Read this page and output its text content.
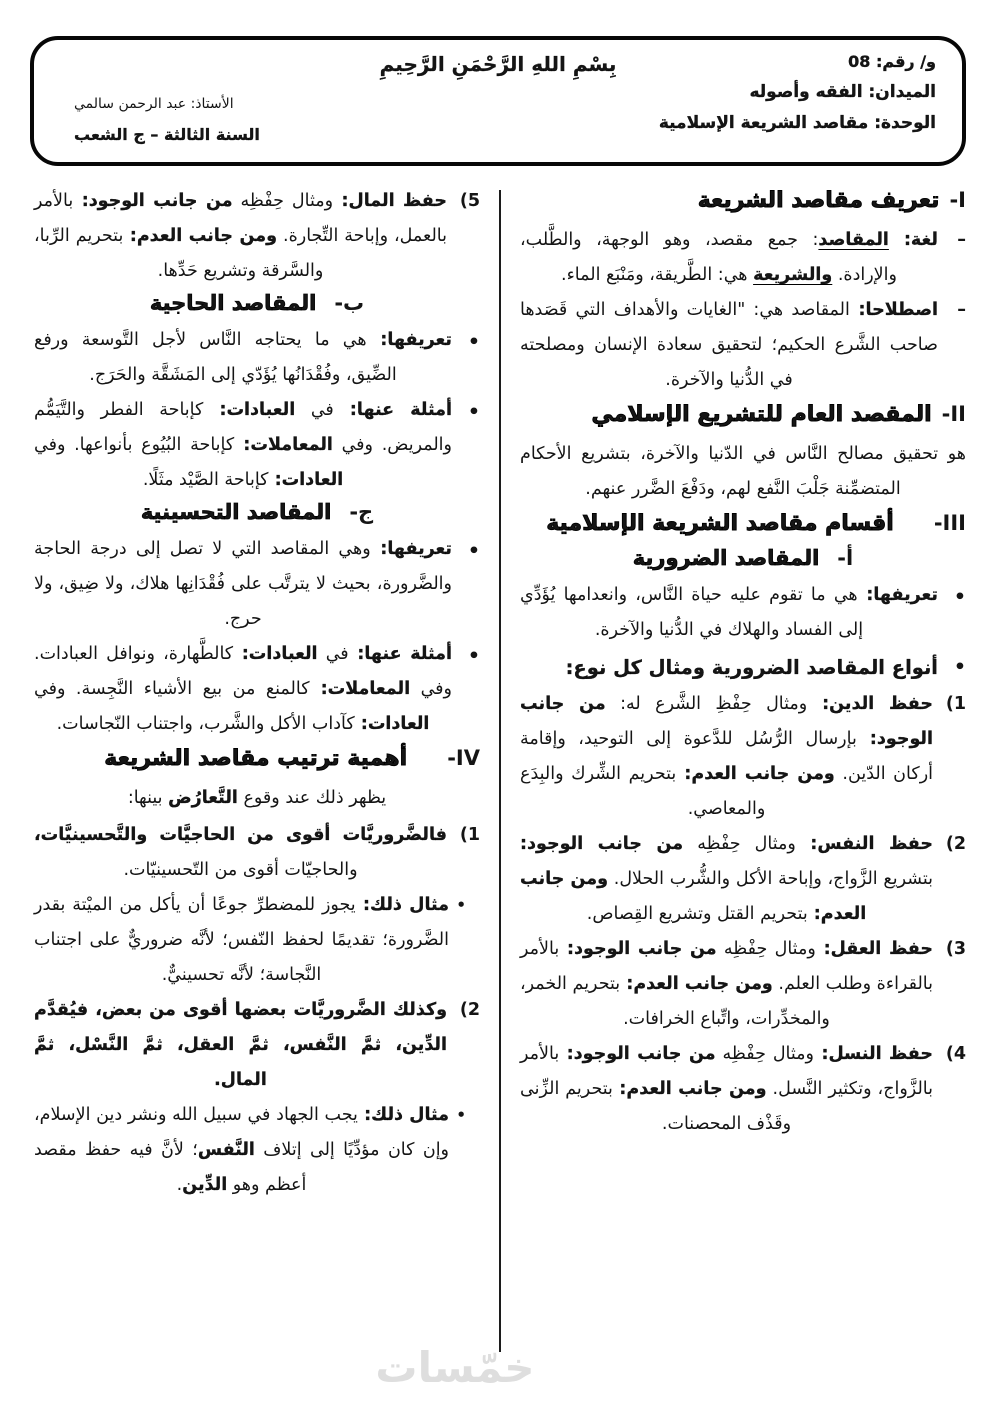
و/ رقم: 08
الميدان: الفقه وأصوله
الوحدة: مقاصد الشريعة الإسلامية
بِسْمِ اللهِ الرَّحْمَنِ الرَّحِيمِ
الأستاذ: عبد الرحمن سالمي
السنة الثالثة – ج الشعب
I-
تعريف مقاصد الشريعة
–
لغة: المقاصد: جمع مقصد، وهو الوجهة، والطَّلب، والإرادة. والشريعة هي: الطَّريقة، ومَنْبَع الماء.
–
اصطلاحا: المقاصد هي: "الغايات والأهداف التي قَصَدها صاحب الشَّرع الحكيم؛ لتحقيق سعادة الإنسان ومصلحته في الدُّنيا والآخرة.
II-
المقصد العام للتشريع الإسلامي
هو تحقيق مصالح النَّاس في الدّنيا والآخرة، بتشريع الأحكام المتضمِّنة جَلْبَ النَّفع لهم، ودَفْعَ الضَّرر عنهم.
III-
أقسام مقاصد الشريعة الإسلامية
أ-المقاصد الضرورية
•
تعريفها: هي ما تقوم عليه حياة النَّاس، وانعدامها يُؤَدِّي إلى الفساد والهلاك في الدُّنيا والآخرة.
•
أنواع المقاصد الضرورية ومثال كل نوع:
1)
حفظ الدين: ومثال حِفْظِ الشَّرع له: من جانب الوجود: بإرسال الرُّسُل للدَّعوة إلى التوحيد، وإقامة أركان الدّين. ومن جانب العدم: بتحريم الشِّرك والبِدَع والمعاصي.
2)
حفظ النفس: ومثال حِفْظِه من جانب الوجود: بتشريع الزَّواج، وإباحة الأكل والشُّرب الحلال. ومن جانب العدم: بتحريم القتل وتشريع القِصاص.
3)
حفظ العقل: ومثال حِفْظِه من جانب الوجود: بالأمر بالقراءة وطلب العلم. ومن جانب العدم: بتحريم الخمر، والمخدِّرات، واتِّباع الخرافات.
4)
حفظ النسل: ومثال حِفْظِه من جانب الوجود: بالأمر بالزَّواج، وتكثير النَّسل. ومن جانب العدم: بتحريم الزِّنى وقَذْف المحصنات.
5)
حفظ المال: ومثال حِفْظِه من جانب الوجود: بالأمر بالعمل، وإباحة التِّجارة. ومن جانب العدم: بتحريم الرِّبا، والسَّرقة وتشريع حَدِّها.
ب-المقاصد الحاجية
•
تعريفها: هي ما يحتاجه النَّاس لأجل التَّوسعة ورفع الضِّيق، وفُقْدَانُها يُؤَدّي إلى المَشَقَّة والحَرَج.
•
أمثلة عنها: في العبادات: كإباحة الفطر والتَّيَمُّم والمريض. وفي المعاملات: كإباحة البُيُوع بأنواعها. وفي العادات: كإباحة الصَّيْد مثَلًا.
ج-المقاصد التحسينية
•
تعريفها: وهي المقاصد التي لا تصل إلى درجة الحاجة والضَّرورة، بحيث لا يترتَّب على فُقْدَانِها هلاك، ولا ضِيق، ولا حرج.
•
أمثلة عنها: في العبادات: كالطَّهارة، ونوافل العبادات. وفي المعاملات: كالمنع من بيع الأشياء النَّجِسة. وفي العادات: كآداب الأكل والشَّرب، واجتناب النّجاسات.
IV-
أهمية ترتيب مقاصد الشريعة
يظهر ذلك عند وقوع التَّعارُض بينها:
1)
فالضَّروريَّات أقوى من الحاجيَّات والتَّحسينيَّات، والحاجيّات أقوى من التّحسينيّات.
•
مثال ذلك: يجوز للمضطرِّ جوعًا أن يأكل من الميْتة بقدر الضَّرورة؛ تقديمًا لحفظ النّفس؛ لأنَّه ضروريٌّ على اجتناب النَّجاسة؛ لأنَّه تحسينيٌّ.
2)
وكذلك الضَّروريَّات بعضها أقوى من بعض، فيُقدَّم الدِّين، ثمَّ النَّفس، ثمَّ العقل، ثمَّ النَّسْل، ثمَّ المال.
•
مثال ذلك: يجب الجهاد في سبيل الله ونشر دين الإسلام، وإن كان مؤدِّيًا إلى إتلاف النَّفس؛ لأنَّ فيه حفظ مقصد أعظم وهو الدِّين.
خمّسات
